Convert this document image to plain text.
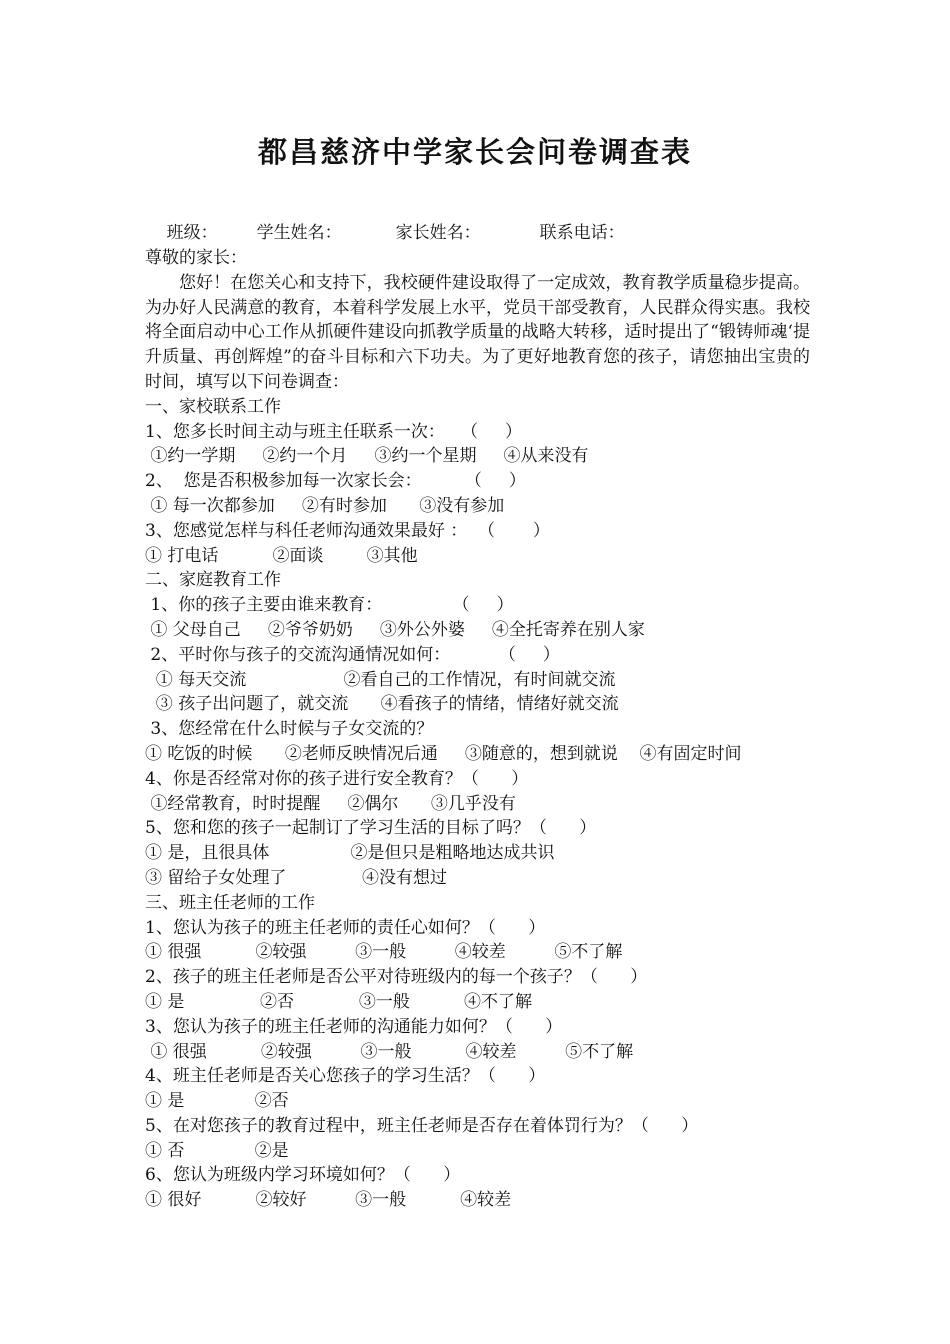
都昌慈济中学家长会问卷调查表

班级： 学生姓名：	家长姓名：	联系电话：

尊敬的家长：
您好！在您关心和支持下，我校硬件建设取得了一定成效，教育教学质量稳步提高。为办好人民满意的教育，本着科学发展上水平，党员干部受教育，人民群众得实惠。我校将全面启动中心工作从抓硬件建设向抓教学质量的战略大转移，适时提出了“锻铸师魂‘提升质量、再创辉煌”的奋斗目标和六下功夫。为了更好地教育您的孩子，请您抽出宝贵的时间，填写以下问卷调查：
一、家校联系工作
1、您多长时间主动与班主任联系一次：   （     ）
①约一学期     ②约一个月     ③约一个星期     ④从来没有
2、  您是否积极参加每一次家长会：        （     ）
① 每一次都参加     ②有时参加      ③没有参加
3、您感觉怎样与科任老师沟通效果最好 ：  （       ）
① 打电话          ②面谈        ③其他
二、家庭教育工作
1、你的孩子主要由谁来教育：             （     ）
① 父母自己     ②爷爷奶奶     ③外公外婆     ④全托寄养在别人家
2、平时你与孩子的交流沟通情况如何：         （     ）
① 每天交流                  ②看自己的工作情况，有时间就交流
③ 孩子出问题了，就交流      ④看孩子的情绪，情绪好就交流
3、您经常在什么时候与子女交流的？
① 吃饭的时候      ②老师反映情况后通     ③随意的，想到就说    ④有固定时间
4、你是否经常对你的孩子进行安全教育？（      ）
①经常教育，时时提醒     ②偶尔      ③几乎没有
5、您和您的孩子一起制订了学习生活的目标了吗？（      ）
① 是，且很具体               ②是但只是粗略地达成共识
③ 留给子女处理了              ④没有想过
三、班主任老师的工作
1、您认为孩子的班主任老师的责任心如何？（      ）
① 很强          ②较强         ③一般         ④较差         ⑤不了解
2、孩子的班主任老师是否公平对待班级内的每一个孩子？（      ）
① 是              ②否            ③一般          ④不了解
3、您认为孩子的班主任老师的沟通能力如何？（      ）
① 很强          ②较强         ③一般          ④较差         ⑤不了解
4、班主任老师是否关心您孩子的学习生活？（      ）
① 是             ②否
5、在对您孩子的教育过程中，班主任老师是否存在着体罚行为？（      ）
① 否             ②是
6、您认为班级内学习环境如何？（      ）
① 很好          ②较好         ③一般          ④较差
